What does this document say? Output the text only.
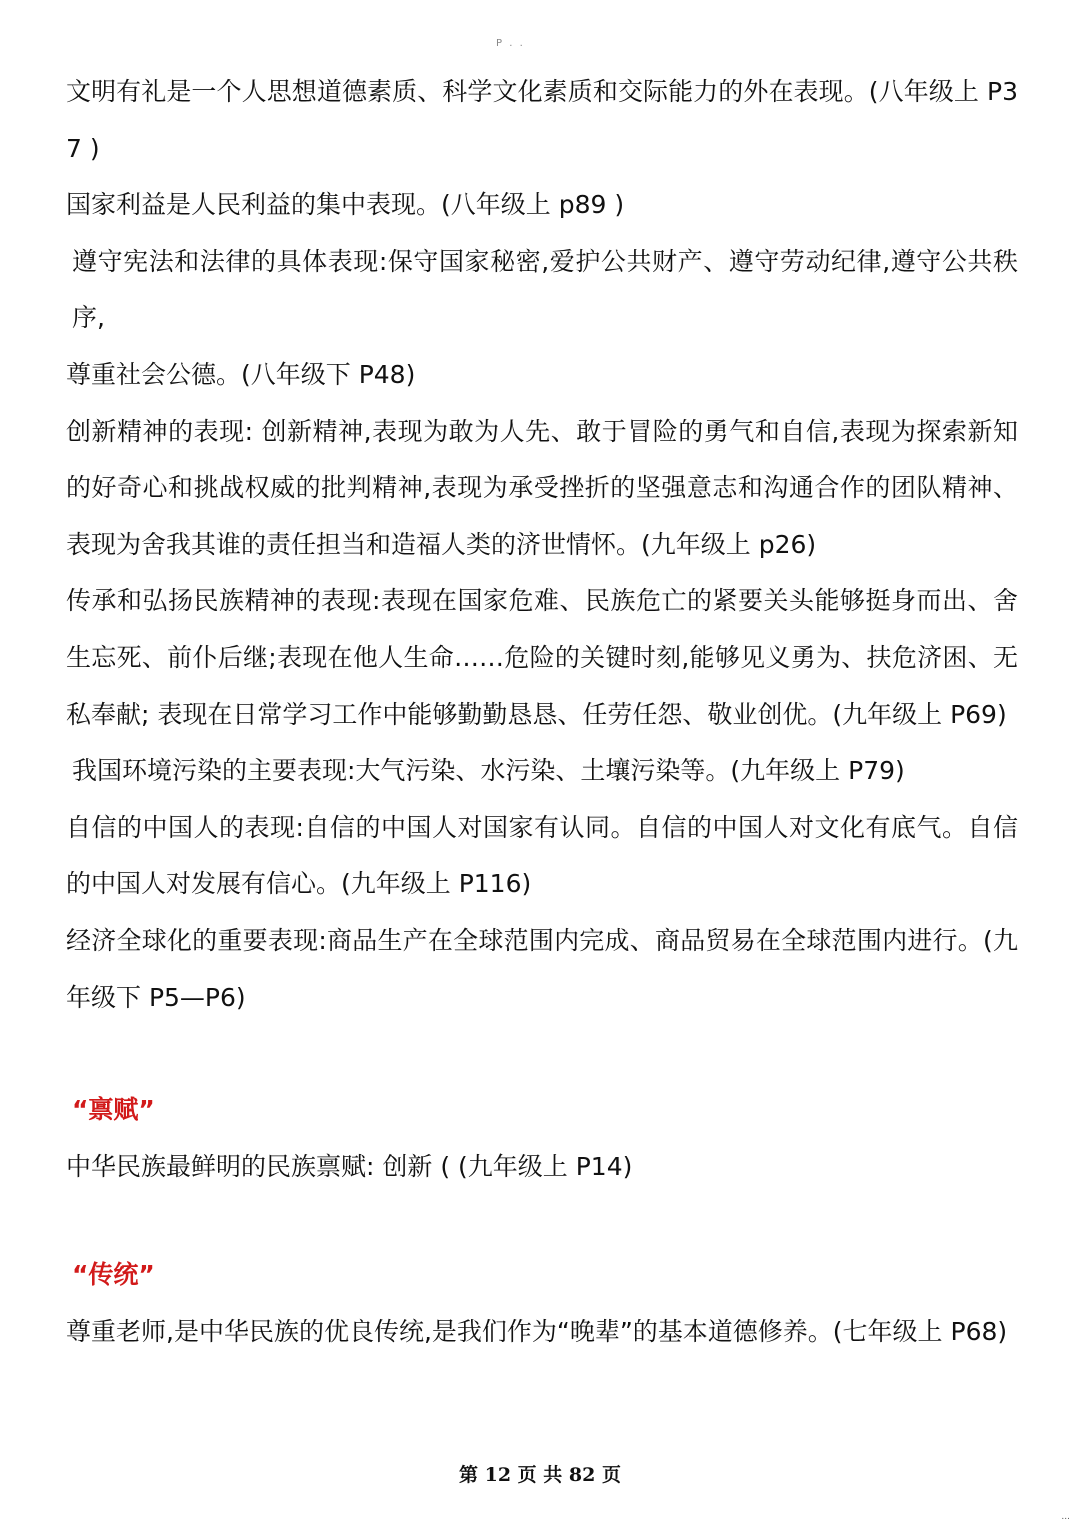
P . .

文明有礼是一个人思想道德素质、科学文化素质和交际能力的外在表现。(八年级上 P37 )

国家利益是人民利益的集中表现。(八年级上 p89 )

遵守宪法和法律的具体表现:保守国家秘密,爱护公共财产、遵守劳动纪律,遵守公共秩序,

尊重社会公德。(八年级下 P48)

创新精神的表现: 创新精神,表现为敢为人先、敢于冒险的勇气和自信,表现为探索新知的好奇心和挑战权威的批判精神,表现为承受挫折的坚强意志和沟通合作的团队精神、表现为舍我其谁的责任担当和造福人类的济世情怀。(九年级上 p26)

传承和弘扬民族精神的表现:表现在国家危难、民族危亡的紧要关头能够挺身而出、舍生忘死、前仆后继;表现在他人生命……危险的关键时刻,能够见义勇为、扶危济困、无私奉献; 表现在日常学习工作中能够勤勤恳恳、任劳任怨、敬业创优。(九年级上 P69)

我国环境污染的主要表现:大气污染、水污染、土壤污染等。(九年级上 P79)

自信的中国人的表现:自信的中国人对国家有认同。自信的中国人对文化有底气。自信的中国人对发展有信心。(九年级上 P116)

经济全球化的重要表现:商品生产在全球范围内完成、商品贸易在全球范围内进行。(九年级下 P5—P6)

“禀赋”

中华民族最鲜明的民族禀赋: 创新 ( (九年级上 P14)

“传统”

尊重老师,是中华民族的优良传统,是我们作为“晚辈”的基本道德修养。(七年级上 P68)

第 12 页 共 82 页
...
